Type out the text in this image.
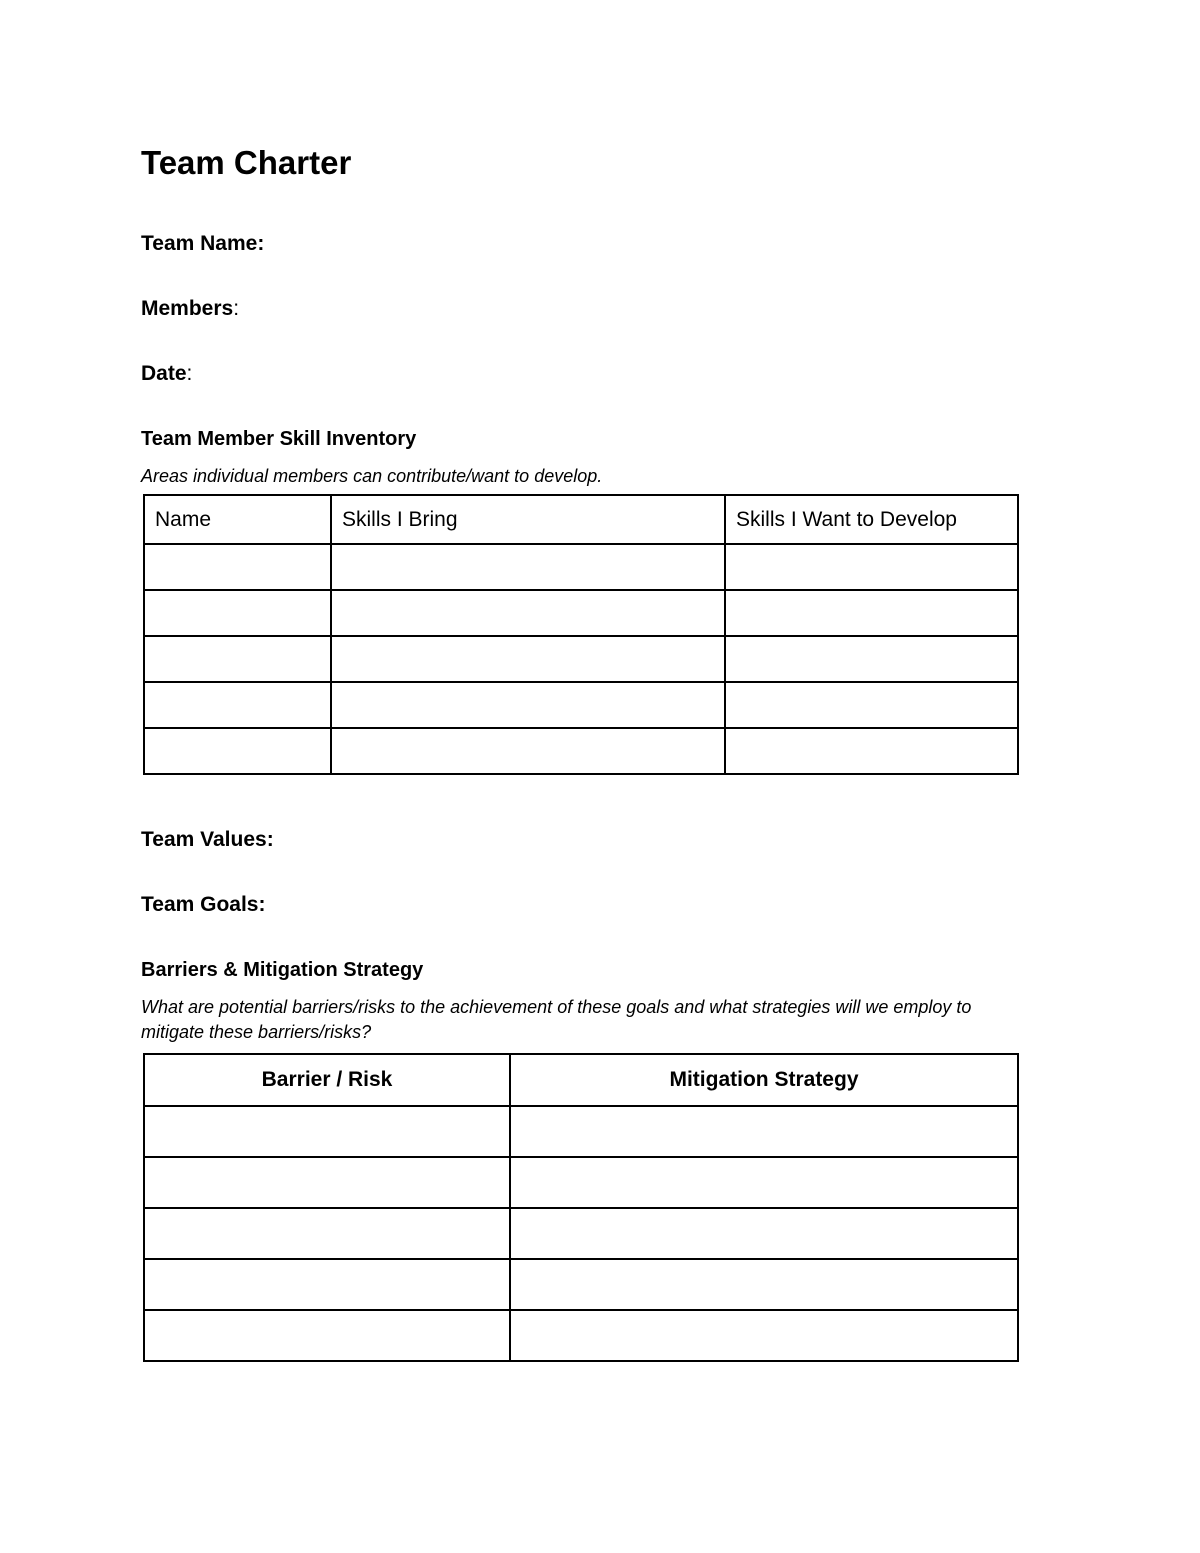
Team Charter
Team Name:
Members:
Date:
Team Member Skill Inventory
Areas individual members can contribute/want to develop.
Name	Skills I Bring	Skills I Want to Develop

Team Values:
Team Goals:
Barriers & Mitigation Strategy
What are potential barriers/risks to the achievement of these goals and what strategies will we employ to mitigate these barriers/risks?
Barrier / Risk	Mitigation Strategy
